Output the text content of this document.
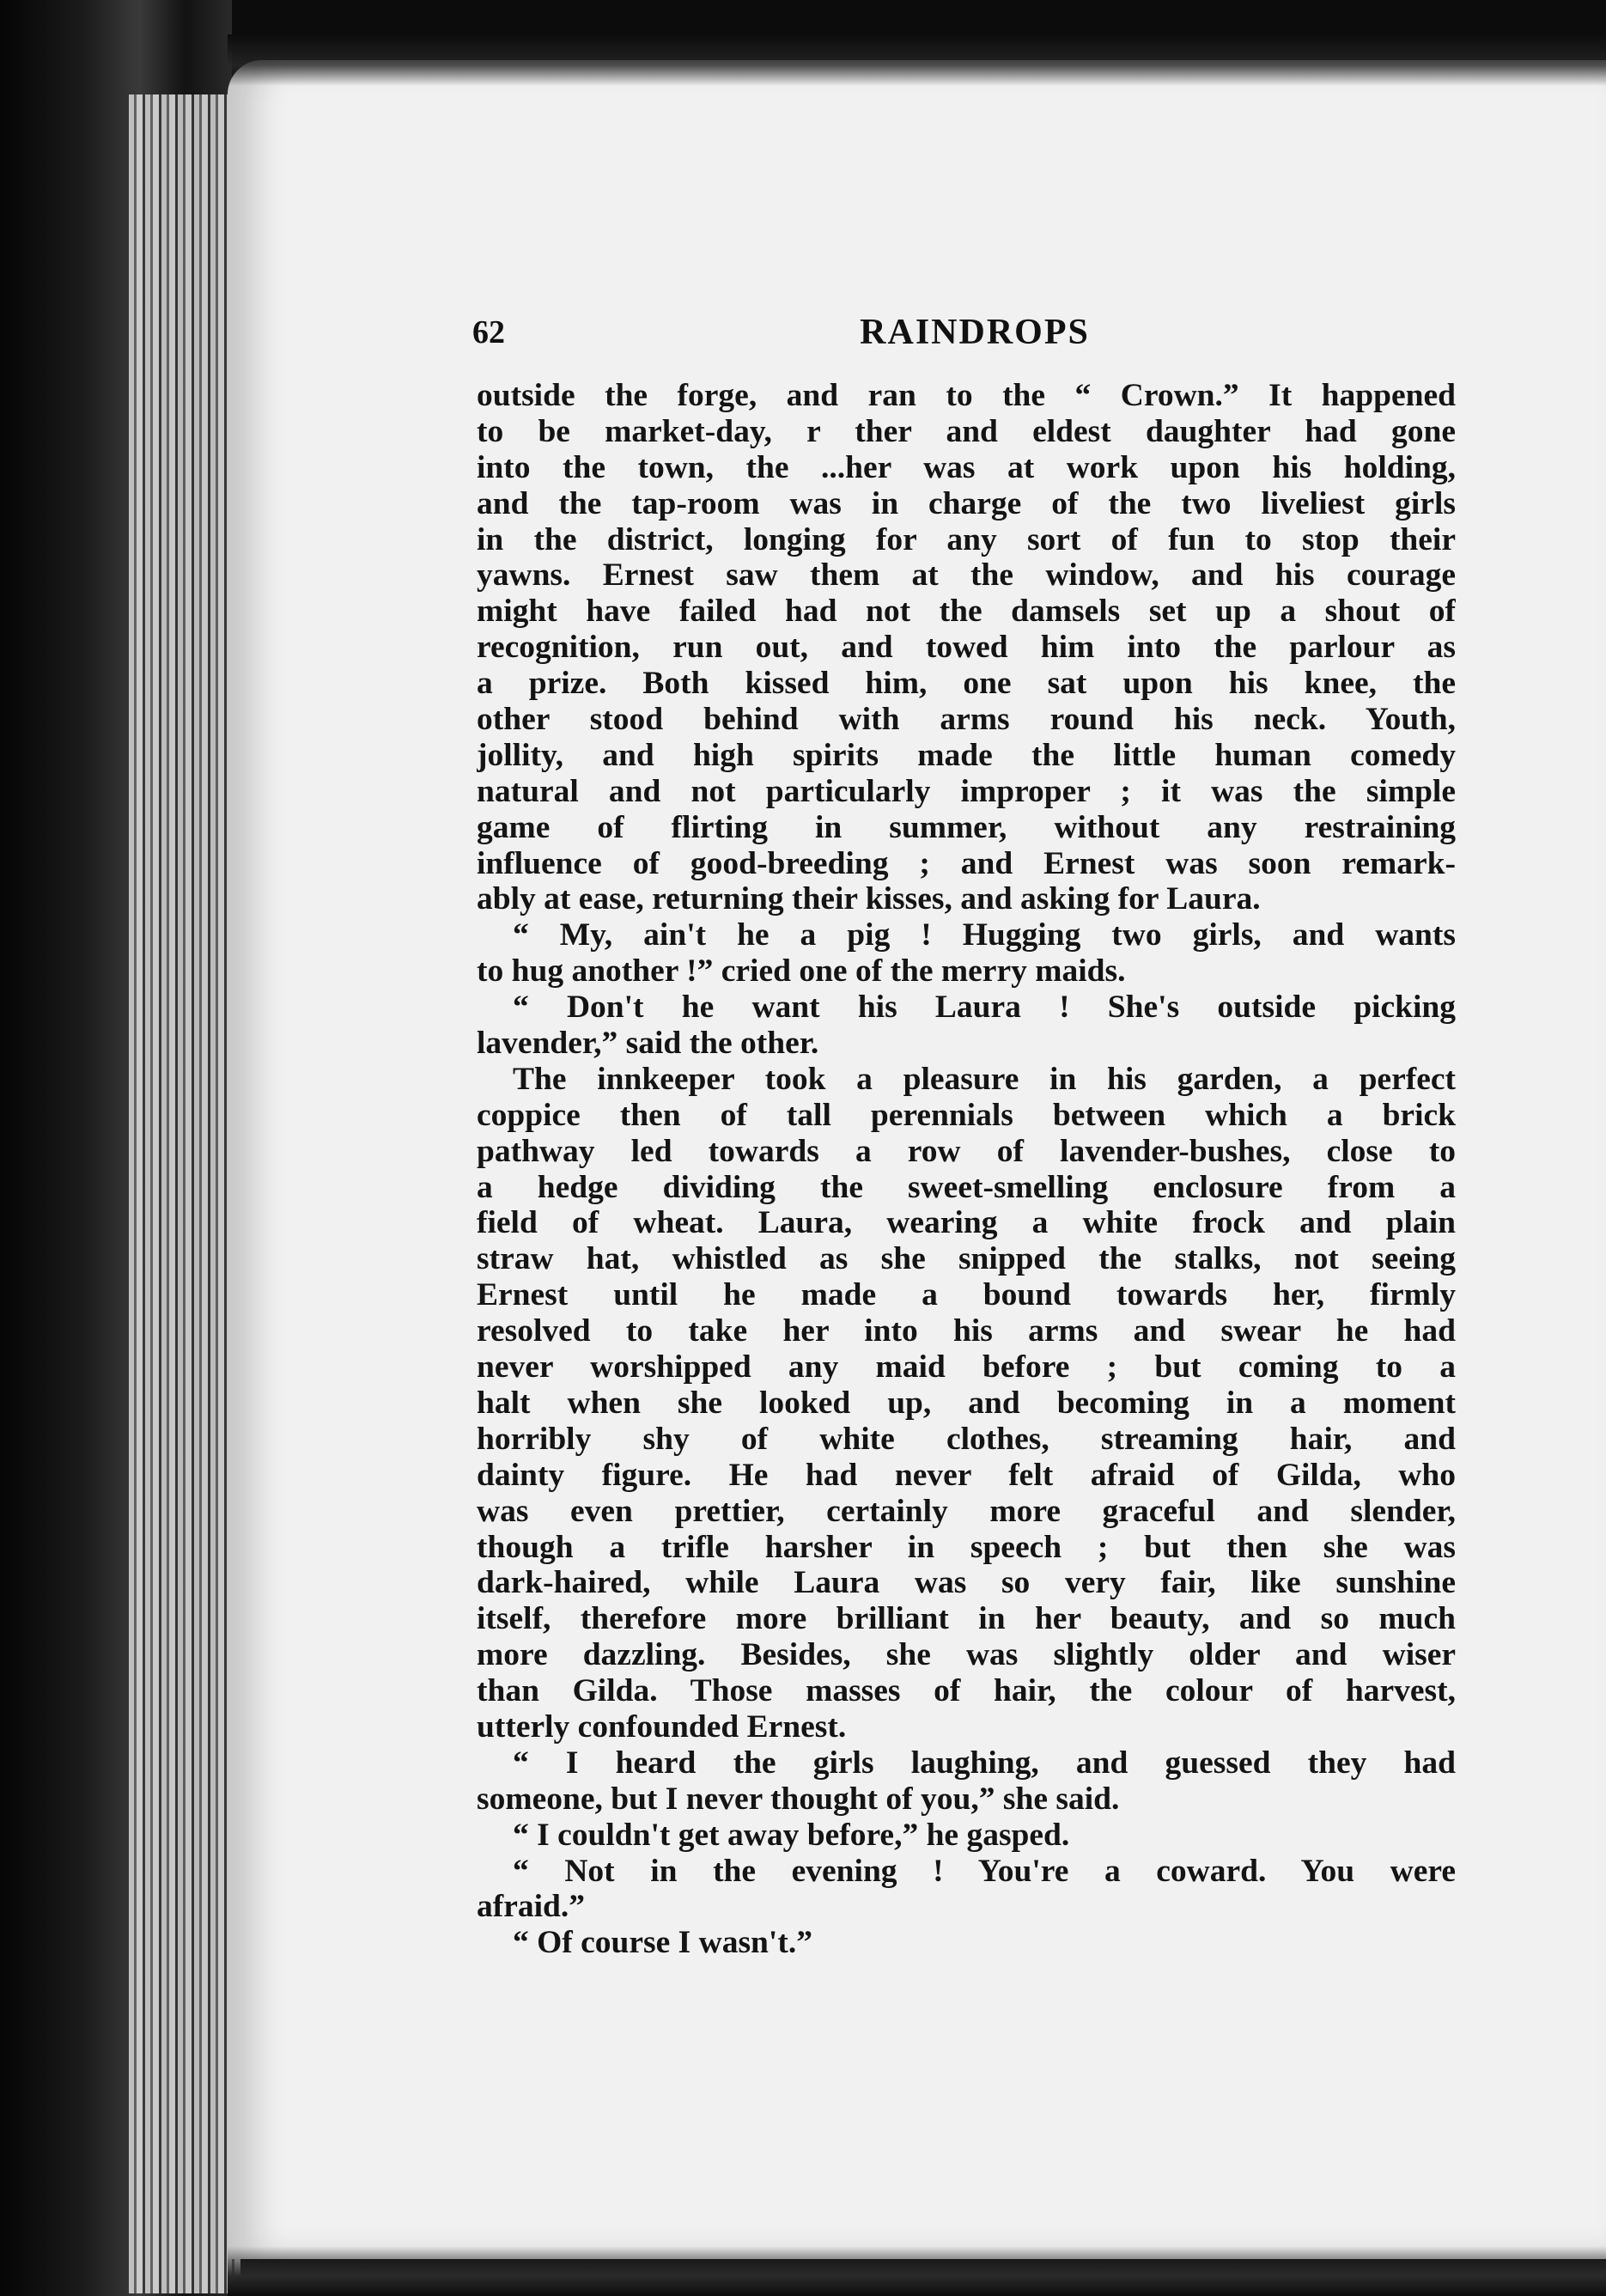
62	RAINDROPS
outside the forge, and ran to the “ Crown.” It happened
to be market-day, r ther and eldest daughter had gone
into the town, the ...her was at work upon his holding,
and the tap-room was in charge of the two liveliest girls
in the district, longing for any sort of fun to stop their
yawns. Ernest saw them at the window, and his courage
might have failed had not the damsels set up a shout of
recognition, run out, and towed him into the parlour as
a prize. Both kissed him, one sat upon his knee, the
other stood behind with arms round his neck. Youth,
jollity, and high spirits made the little human comedy
natural and not particularly improper ; it was the simple
game of flirting in summer, without any restraining
influence of good-breeding ; and Ernest was soon remark-
ably at ease, returning their kisses, and asking for Laura.
“ My, ain't he a pig ! Hugging two girls, and wants
to hug another !” cried one of the merry maids.
“ Don't he want his Laura ! She's outside picking
lavender,” said the other.
The innkeeper took a pleasure in his garden, a perfect
coppice then of tall perennials between which a brick
pathway led towards a row of lavender-bushes, close to
a hedge dividing the sweet-smelling enclosure from a
field of wheat. Laura, wearing a white frock and plain
straw hat, whistled as she snipped the stalks, not seeing
Ernest until he made a bound towards her, firmly
resolved to take her into his arms and swear he had
never worshipped any maid before ; but coming to a
halt when she looked up, and becoming in a moment
horribly shy of white clothes, streaming hair, and
dainty figure. He had never felt afraid of Gilda, who
was even prettier, certainly more graceful and slender,
though a trifle harsher in speech ; but then she was
dark-haired, while Laura was so very fair, like sunshine
itself, therefore more brilliant in her beauty, and so much
more dazzling. Besides, she was slightly older and wiser
than Gilda. Those masses of hair, the colour of harvest,
utterly confounded Ernest.
“ I heard the girls laughing, and guessed they had
someone, but I never thought of you,” she said.
“ I couldn't get away before,” he gasped.
“ Not in the evening ! You're a coward. You were
afraid.”
“ Of course I wasn't.”
